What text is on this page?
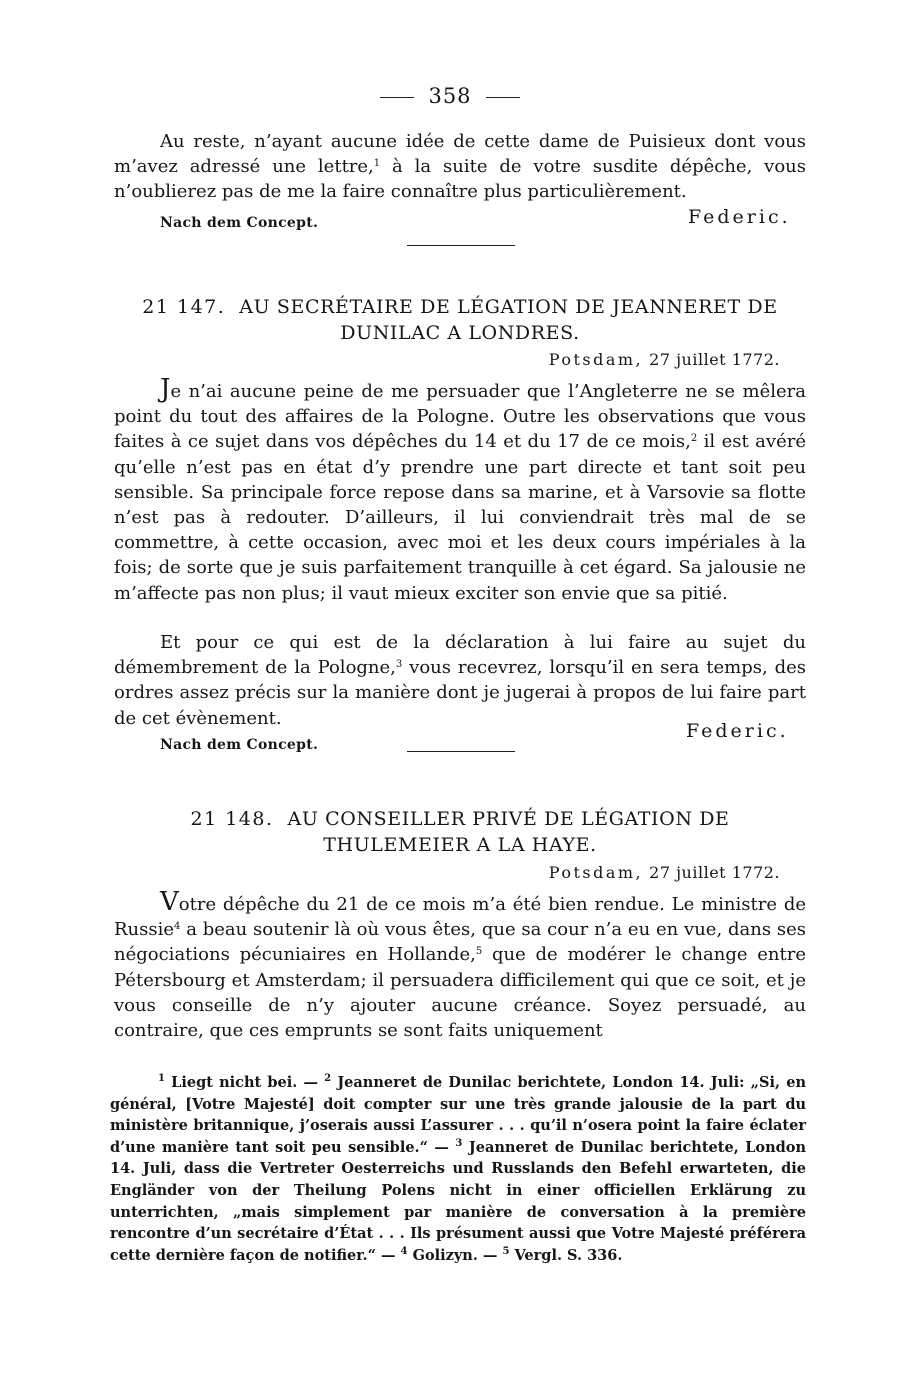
358

Au reste, n’ayant aucune idée de cette dame de Puisieux dont vous m’avez adressé une lettre,$^1$ à la suite de votre susdite dépêche, vous n’oublierez pas de me la faire connaître plus particulièrement.

Nach dem Concept.	Federic.

21 147. AU SECRÉTAIRE DE LÉGATION DE JEANNERET DE DUNILAC A LONDRES.

Potsdam, 27 juillet 1772.

Je n’ai aucune peine de me persuader que l’Angleterre ne se mêlera point du tout des affaires de la Pologne. Outre les observations que vous faites à ce sujet dans vos dépêches du 14 et du 17 de ce mois,$^2$ il est avéré qu’elle n’est pas en état d’y prendre une part directe et tant soit peu sensible. Sa principale force repose dans sa marine, et à Varsovie sa flotte n’est pas à redouter. D’ailleurs, il lui conviendrait très mal de se commettre, à cette occasion, avec moi et les deux cours impériales à la fois; de sorte que je suis parfaitement tranquille à cet égard. Sa jalousie ne m’affecte pas non plus; il vaut mieux exciter son envie que sa pitié.

Et pour ce qui est de la déclaration à lui faire au sujet du démembrement de la Pologne,$^3$ vous recevrez, lorsqu’il en sera temps, des ordres assez précis sur la manière dont je jugerai à propos de lui faire part de cet évènement.

Federic.
Nach dem Concept.

21 148. AU CONSEILLER PRIVÉ DE LÉGATION DE THULEMEIER A LA HAYE.

Potsdam, 27 juillet 1772.

Votre dépêche du 21 de ce mois m’a été bien rendue. Le ministre de Russie$^4$ a beau soutenir là où vous êtes, que sa cour n’a eu en vue, dans ses négociations pécuniaires en Hollande,$^5$ que de modérer le change entre Pétersbourg et Amsterdam; il persuadera difficilement qui que ce soit, et je vous conseille de n’y ajouter aucune créance. Soyez persuadé, au contraire, que ces emprunts se sont faits uniquement

$^1$ Liegt nicht bei. — $^2$ Jeanneret de Dunilac berichtete, London 14. Juli: „Si, en général, [Votre Majesté] doit compter sur une très grande jalousie de la part du ministère britannique, j’oserais aussi L’assurer . . . qu’il n’osera point la faire éclater d’une manière tant soit peu sensible.“ — $^3$ Jeanneret de Dunilac berichtete, London 14. Juli, dass die Vertreter Oesterreichs und Russlands den Befehl erwarteten, die Engländer von der Theilung Polens nicht in einer officiellen Erklärung zu unterrichten, „mais simplement par manière de conversation à la première rencontre d’un secrétaire d’État . . . Ils présument aussi que Votre Majesté préférera cette dernière façon de notifier.“ — $^4$ Golizyn. — $^5$ Vergl. S. 336.
